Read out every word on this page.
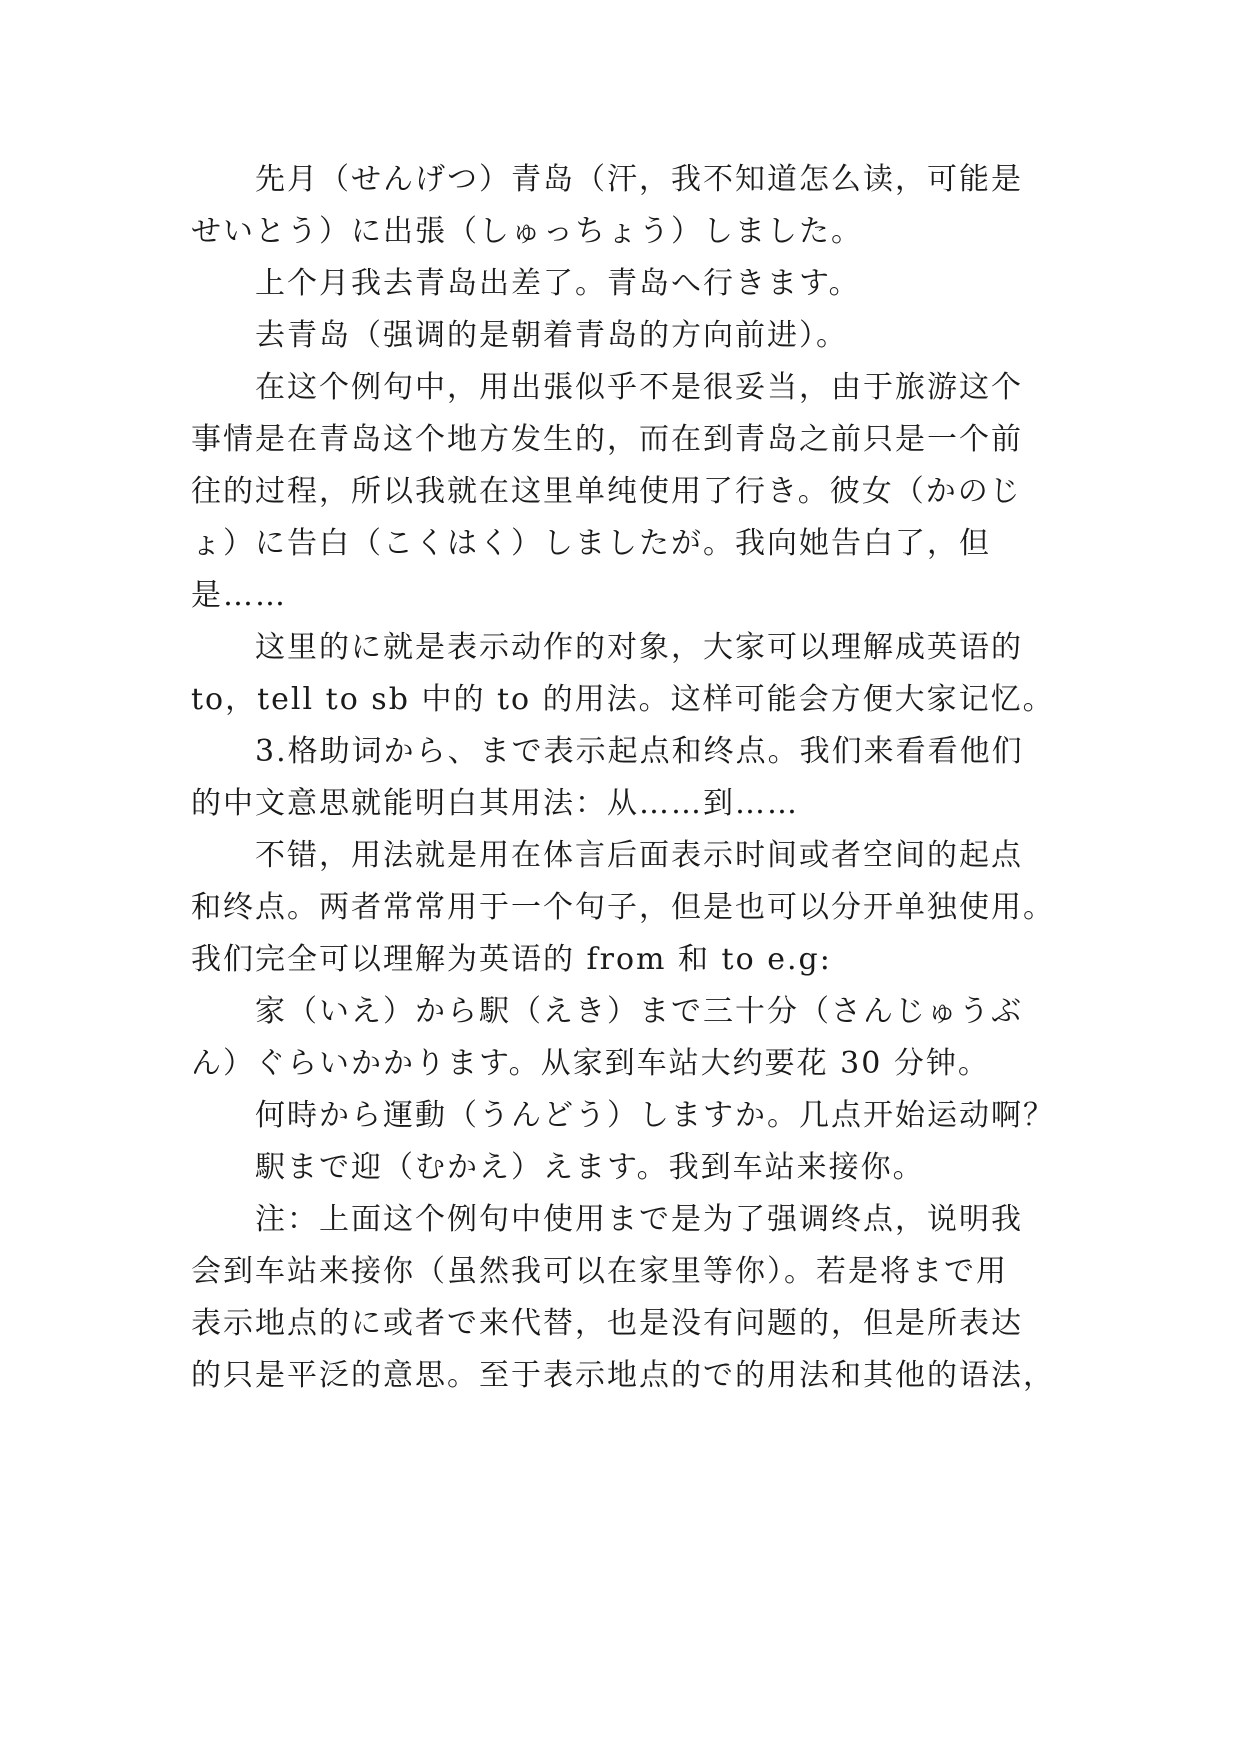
先月（せんげつ）青岛（汗，我不知道怎么读，可能是
せいとう）に出張（しゅっちょう）しました。
上个月我去青岛出差了。青岛へ行きます。
去青岛（强调的是朝着青岛的方向前进）。
在这个例句中，用出張似乎不是很妥当，由于旅游这个
事情是在青岛这个地方发生的，而在到青岛之前只是一个前
往的过程，所以我就在这里单纯使用了行き。彼女（かのじ
ょ）に告白（こくはく）しましたが。我向她告白了，但
是……
这里的に就是表示动作的对象，大家可以理解成英语的
to，tell to sb 中的 to 的用法。这样可能会方便大家记忆。
3.格助词から、まで表示起点和终点。我们来看看他们
的中文意思就能明白其用法：从……到……
不错，用法就是用在体言后面表示时间或者空间的起点
和终点。两者常常用于一个句子，但是也可以分开单独使用。
我们完全可以理解为英语的 from 和 to e.g:
家（いえ）から駅（えき）まで三十分（さんじゅうぶ
ん）ぐらいかかります。从家到车站大约要花 30 分钟。
何時から運動（うんどう）しますか。几点开始运动啊？
駅まで迎（むかえ）えます。我到车站来接你。
注：上面这个例句中使用まで是为了强调终点，说明我
会到车站来接你（虽然我可以在家里等你）。若是将まで用
表示地点的に或者で来代替，也是没有问题的，但是所表达
的只是平泛的意思。至于表示地点的で的用法和其他的语法，
